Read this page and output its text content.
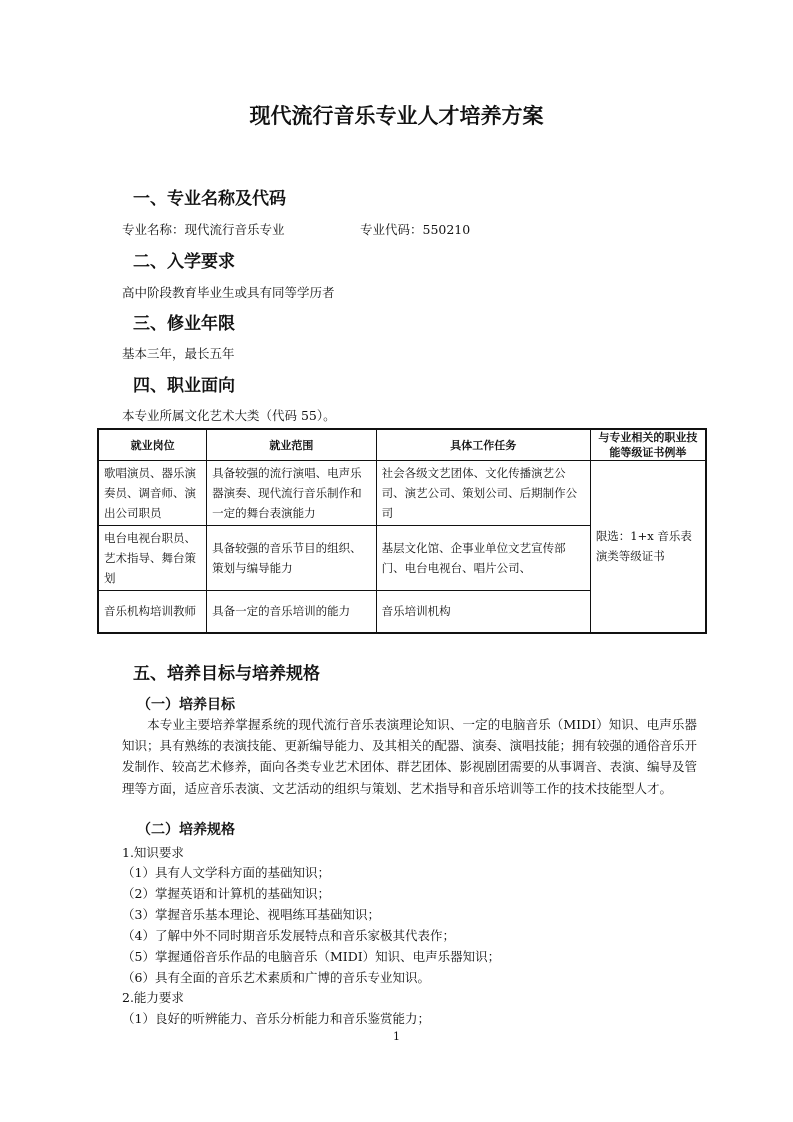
现代流行音乐专业人才培养方案
一、专业名称及代码
专业名称：现代流行音乐专业	专业代码：550210
二、入学要求
高中阶段教育毕业生或具有同等学历者
三、修业年限
基本三年，最长五年
四、职业面向
本专业所属文化艺术大类（代码 55）。
就业岗位	就业范围	具体工作任务	与专业相关的职业技能等级证书例举
歌唱演员、器乐演奏员、调音师、演出公司职员	具备较强的流行演唱、电声乐器演奏、现代流行音乐制作和一定的舞台表演能力	社会各级文艺团体、文化传播演艺公司、演艺公司、策划公司、后期制作公司	限选：1+x 音乐表演类等级证书
电台电视台职员、艺术指导、舞台策划	具备较强的音乐节目的组织、策划与编导能力	基层文化馆、企事业单位文艺宣传部门、电台电视台、唱片公司、	
音乐机构培训教师	具备一定的音乐培训的能力	音乐培训机构	
五、培养目标与培养规格
（一）培养目标
本专业主要培养掌握系统的现代流行音乐表演理论知识、一定的电脑音乐（MIDI）知识、电声乐器知识；具有熟练的表演技能、更新编导能力、及其相关的配器、演奏、演唱技能；拥有较强的通俗音乐开发制作、较高艺术修养，面向各类专业艺术团体、群艺团体、影视剧团需要的从事调音、表演、编导及管理等方面，适应音乐表演、文艺活动的组织与策划、艺术指导和音乐培训等工作的技术技能型人才。
（二）培养规格
1.知识要求
（1）具有人文学科方面的基础知识；
（2）掌握英语和计算机的基础知识；
（3）掌握音乐基本理论、视唱练耳基础知识；
（4）了解中外不同时期音乐发展特点和音乐家极其代表作；
（5）掌握通俗音乐作品的电脑音乐（MIDI）知识、电声乐器知识；
（6）具有全面的音乐艺术素质和广博的音乐专业知识。
2.能力要求
（1）良好的听辨能力、音乐分析能力和音乐鉴赏能力；
1
